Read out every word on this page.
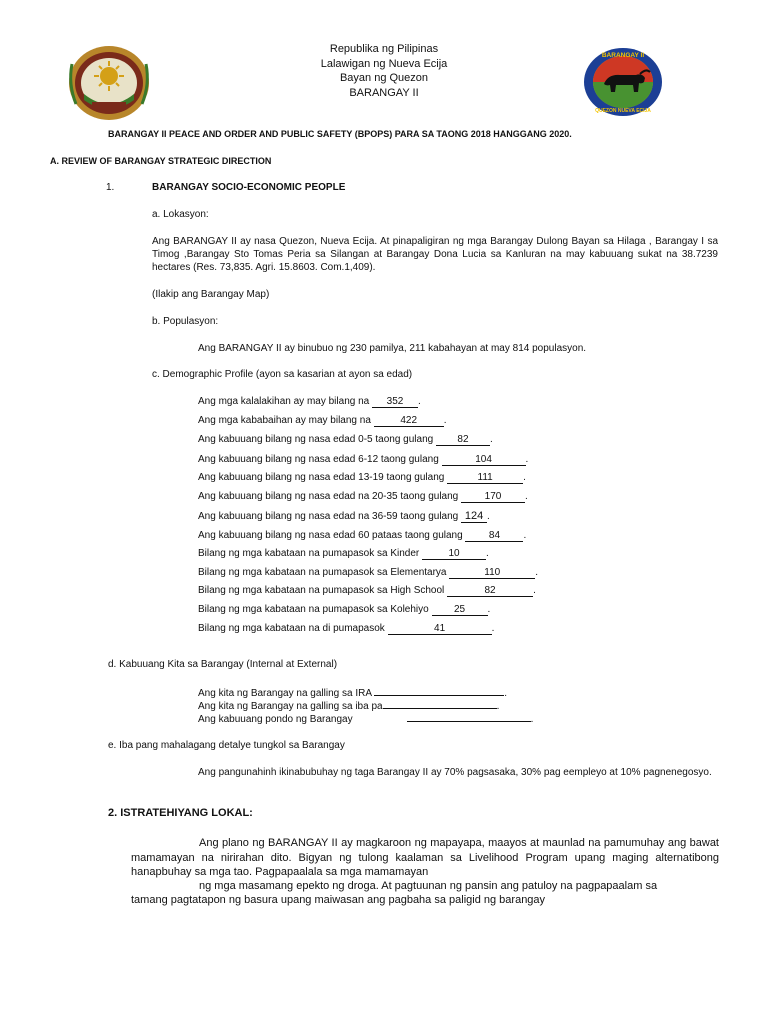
Republika ng Pilipinas
Lalawigan ng Nueva Ecija
Bayan ng Quezon
BARANGAY II
BARANGAY II
QUEZON NUEVA ECIJA
BARANGAY II PEACE AND ORDER AND PUBLIC SAFETY (BPOPS) PARA SA TAONG 2018 HANGGANG 2020.
A. REVIEW OF BARANGAY STRATEGIC DIRECTION
1.	BARANGAY SOCIO-ECONOMIC PEOPLE
a. Lokasyon:
Ang BARANGAY II ay nasa Quezon, Nueva Ecija. At pinapaligiran ng mga Barangay Dulong Bayan sa Hilaga , Barangay I sa Timog ,Barangay Sto Tomas Peria sa Silangan at Barangay Dona Lucia sa Kanluran na may kabuuang sukat na 38.7239 hectares (Res. 73,835. Agri. 15.8603. Com.1,409).
(Ilakip ang Barangay Map)
b. Populasyon:
Ang BARANGAY II ay binubuo ng 230 pamilya, 211 kabahayan at may 814 populasyon.
c. Demographic Profile (ayon sa kasarian at ayon sa edad)
Ang mga kalalakihan ay may bilang na 352 .
Ang mga kababaihan ay may bilang na	422	.
Ang kabuuang bilang ng nasa edad 0-5 taong gulang 82 .
Ang kabuuang bilang ng nasa edad 6-12 taong gulang	104	.
Ang kabuuang bilang ng nasa edad 13-19 taong gulang	111	.
Ang kabuuang bilang ng nasa edad na 20-35 taong gulang 170 .
Ang kabuuang bilang ng nasa edad na 36-59 taong gulang 124 .
Ang kabuuang bilang ng nasa edad 60 pataas taong gulang 84 .
Bilang ng mga kabataan na pumapasok sa Kinder	10	.
Bilang ng mga kabataan na pumapasok sa Elementarya	110	.
Bilang ng mga kabataan na pumapasok sa High School	82	.
Bilang ng mga kabataan na pumapasok sa Kolehiyo 25 .
Bilang ng mga kabataan na di pumapasok	41	.
d. Kabuuang Kita sa Barangay (Internal at External)
Ang kita ng Barangay na galling sa IRA	.
Ang kita ng Barangay na galling sa iba pa	.
Ang kabuuang pondo ng Barangay	.
e. Iba pang mahalagang detalye tungkol sa Barangay
Ang pangunahinh ikinabubuhay ng taga Barangay II ay 70% pagsasaka, 30% pag eempleyo at 10% pagnenegosyo.
2. ISTRATEHIYANG LOKAL:
Ang plano ng BARANGAY II ay magkaroon ng mapayapa, maayos at maunlad na pamumuhay ang bawat mamamayan na nirirahan dito. Bigyan ng tulong kaalaman sa Livelihood Program upang maging alternatibong hanapbuhay sa mga tao. Pagpapaalala sa mga mamamayan
ng mga masamang epekto ng droga. At pagtuunan ng pansin ang patuloy na pagpapaalam sa
tamang pagtatapon ng basura upang maiwasan ang pagbaha sa paligid ng barangay
